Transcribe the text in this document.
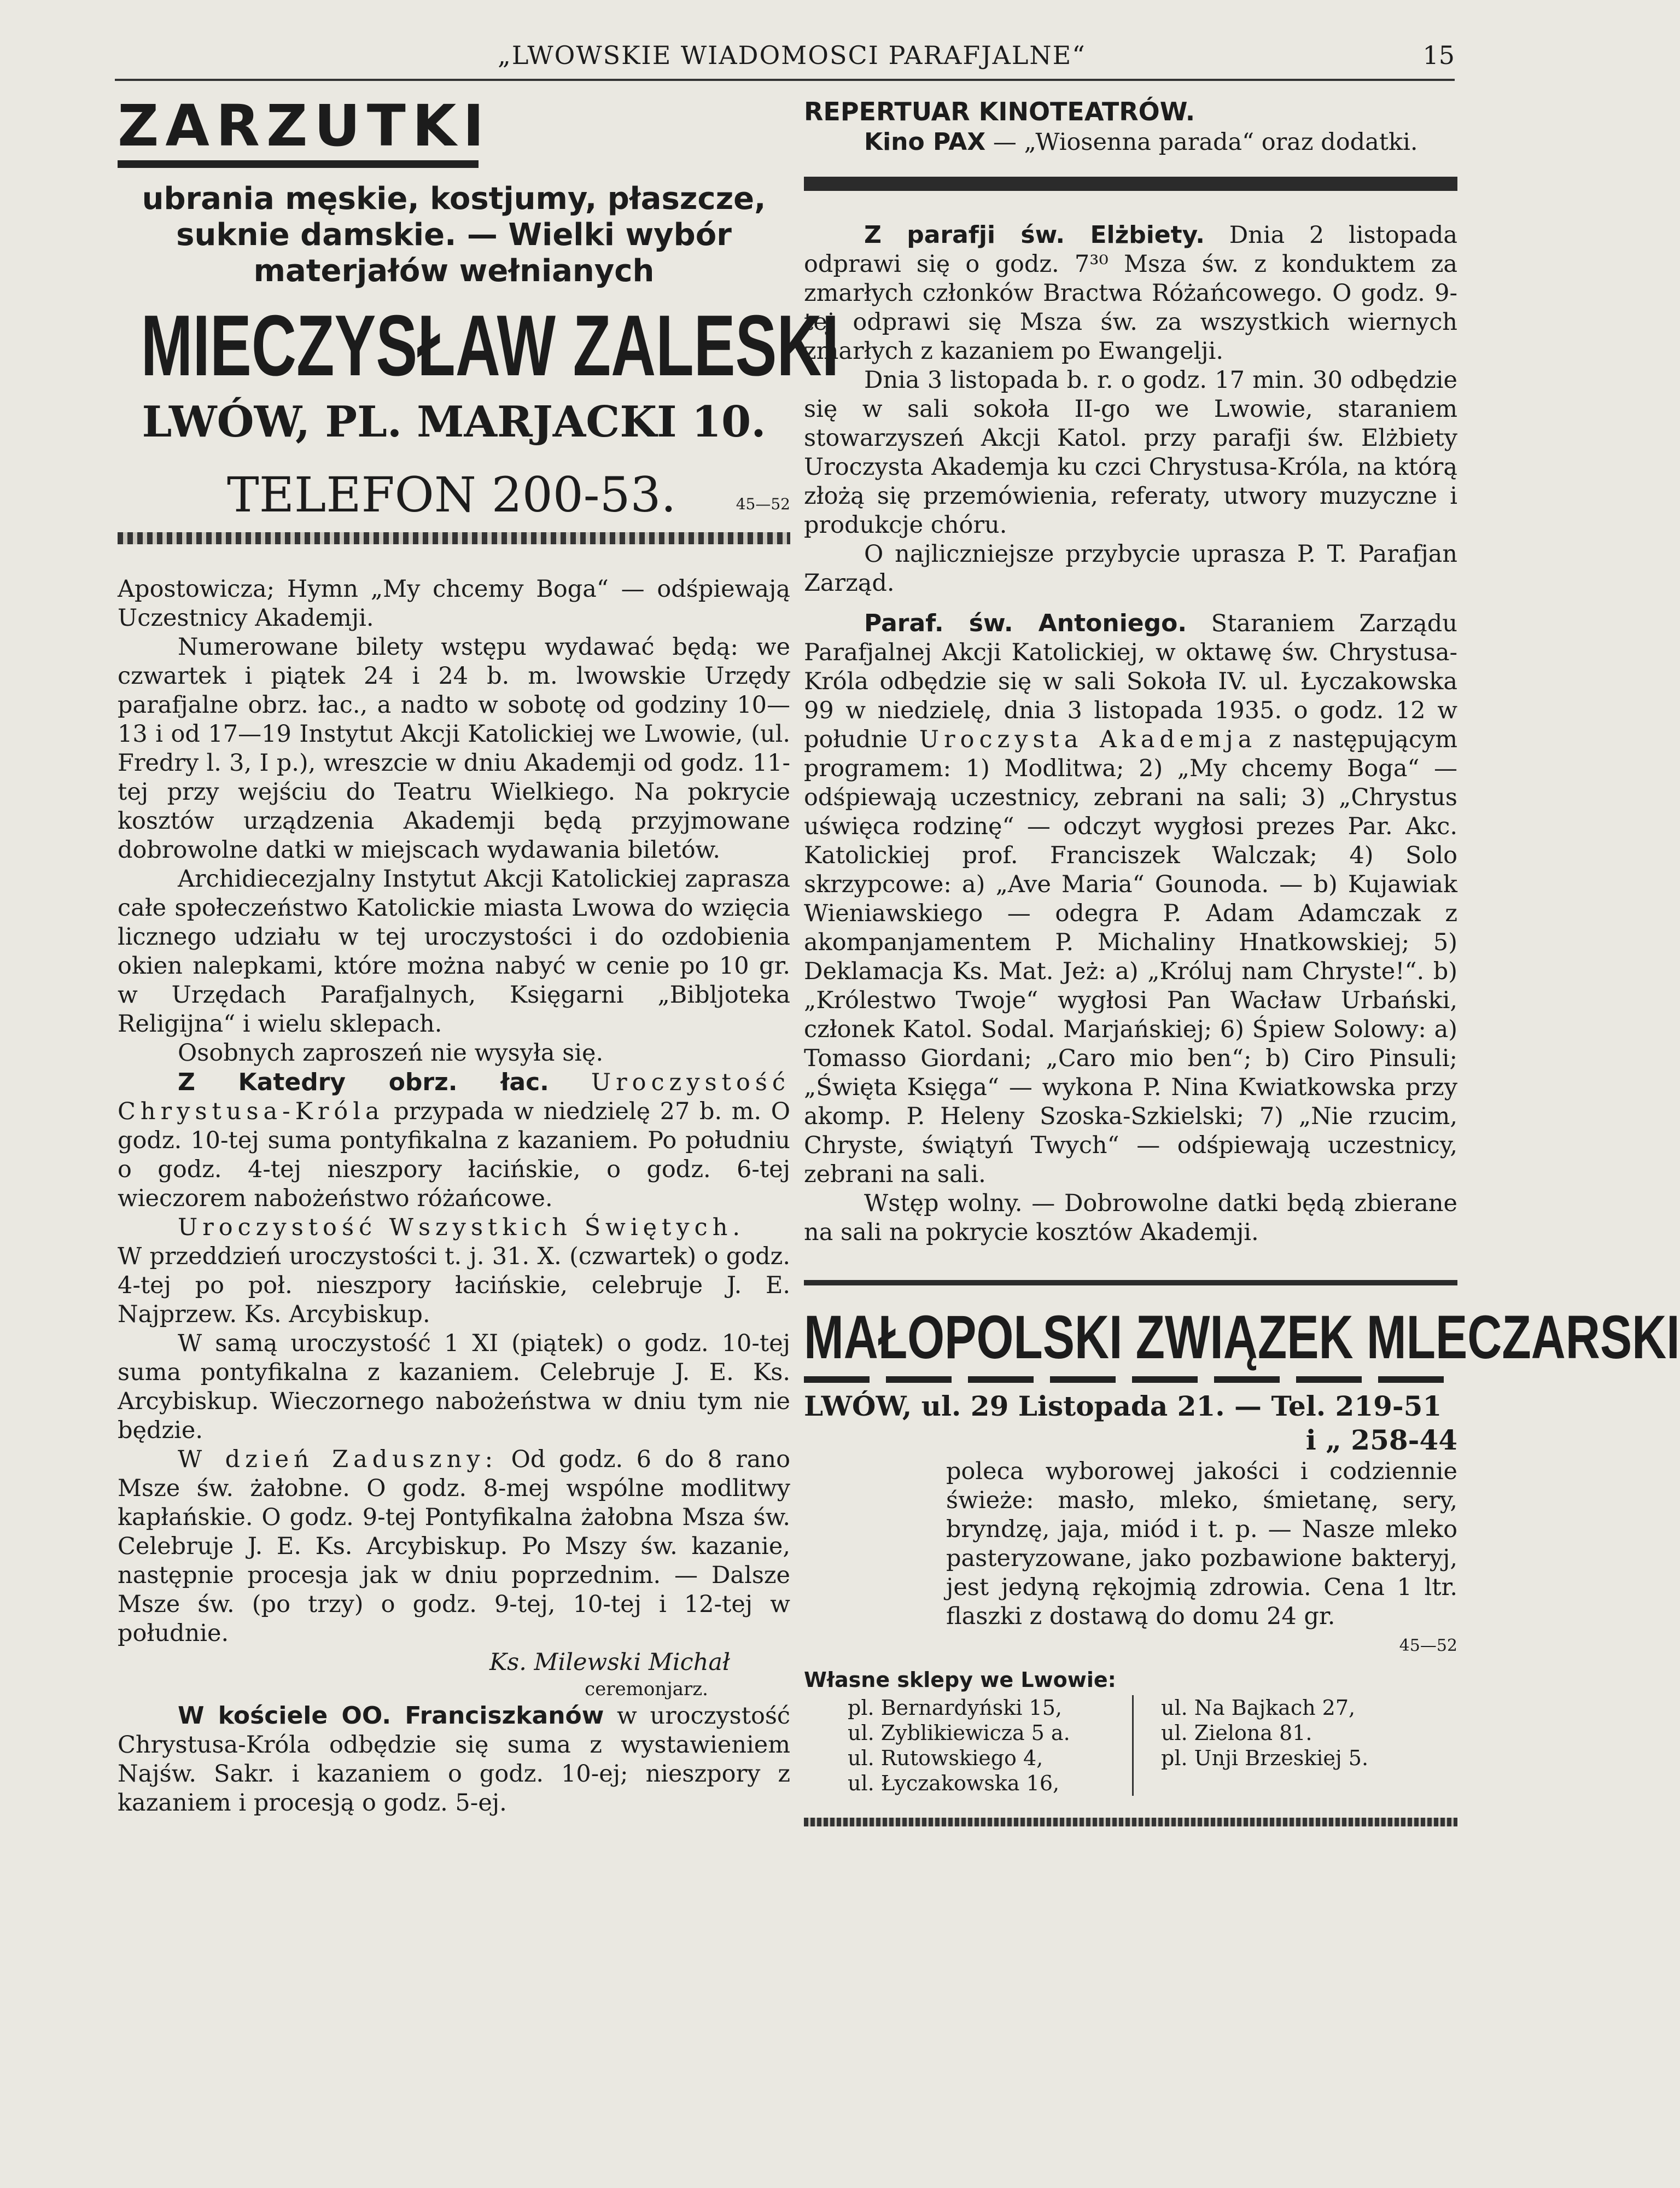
„LWOWSKIE WIADOMOSCI PARAFJALNE“	15
ZARZUTKI
ubrania męskie, kostjumy, płaszcze, suknie damskie. — Wielki wybór materjałów wełnianych
MIECZYSŁAW ZALESKI
LWÓW, PL. MARJACKI 10.
TELEFON 200-53.	45—52

Apostowicza; Hymn „My chcemy Boga“ — odśpiewają Uczestnicy Akademji.

Numerowane bilety wstępu wydawać będą: we czwartek i piątek 24 i 24 b. m. lwowskie Urzędy parafjalne obrz. łac., a nadto w sobotę od godziny 10—13 i od 17—19 Instytut Akcji Katolickiej we Lwowie, (ul. Fredry l. 3, I p.), wreszcie w dniu Akademji od godz. 11-tej przy wejściu do Teatru Wielkiego. Na pokrycie kosztów urządzenia Akademji będą przyjmowane dobrowolne datki w miejscach wydawania biletów.

Archidiecezjalny Instytut Akcji Katolickiej zaprasza całe społeczeństwo Katolickie miasta Lwowa do wzięcia licznego udziału w tej uroczystości i do ozdobienia okien nalepkami, które można nabyć w cenie po 10 gr. w Urzędach Parafjalnych, Księgarni „Bibljoteka Religijna“ i wielu sklepach.

Osobnych zaproszeń nie wysyła się.

Z Katedry obrz. łac. Uroczystość Chrystusa-Króla przypada w niedzielę 27 b. m. O godz. 10-tej suma pontyfikalna z kazaniem. Po południu o godz. 4-tej nieszpory łacińskie, o godz. 6-tej wieczorem nabożeństwo różańcowe.

Uroczystość Wszystkich Świętych.

W przeddzień uroczystości t. j. 31. X. (czwartek) o godz. 4-tej po poł. nieszpory łacińskie, celebruje J. E. Najprzew. Ks. Arcybiskup.

W samą uroczystość 1 XI (piątek) o godz. 10-tej suma pontyfikalna z kazaniem. Celebruje J. E. Ks. Arcybiskup. Wieczornego nabożeństwa w dniu tym nie będzie.

W dzień Zaduszny: Od godz. 6 do 8 rano Msze św. żałobne. O godz. 8-mej wspólne modlitwy kapłańskie. O godz. 9-tej Pontyfikalna żałobna Msza św. Celebruje J. E. Ks. Arcybiskup. Po Mszy św. kazanie, następnie procesja jak w dniu poprzednim. — Dalsze Msze św. (po trzy) o godz. 9-tej, 10-tej i 12-tej w południe.

Ks. Milewski Michał

ceremonjarz.

W kościele OO. Franciszkanów w uroczystość Chrystusa-Króla odbędzie się suma z wystawieniem Najśw. Sakr. i kazaniem o godz. 10-ej; nieszpory z kazaniem i procesją o godz. 5-ej.

REPERTUAR KINOTEATRÓW.

Kino PAX — „Wiosenna parada“ oraz dodatki.

Z parafji św. Elżbiety. Dnia 2 listopada odprawi się o godz. 7³⁰ Msza św. z konduktem za zmarłych członków Bractwa Różańcowego. O godz. 9-tej odprawi się Msza św. za wszystkich wiernych zmarłych z kazaniem po Ewangelji.

Dnia 3 listopada b. r. o godz. 17 min. 30 odbędzie się w sali sokoła II-go we Lwowie, staraniem stowarzyszeń Akcji Katol. przy parafji św. Elżbiety Uroczysta Akademja ku czci Chrystusa-Króla, na którą złożą się przemówienia, referaty, utwory muzyczne i produkcje chóru.

O najliczniejsze przybycie uprasza P. T. Parafjan Zarząd.

Paraf. św. Antoniego. Staraniem Zarządu Parafjalnej Akcji Katolickiej, w oktawę św. Chrystusa-Króla odbędzie się w sali Sokoła IV. ul. Łyczakowska 99 w niedzielę, dnia 3 listopada 1935. o godz. 12 w południe Uroczysta Akademja z następującym programem: 1) Modlitwa; 2) „My chcemy Boga“ — odśpiewają uczestnicy, zebrani na sali; 3) „Chrystus uświęca rodzinę“ — odczyt wygłosi prezes Par. Akc. Katolickiej prof. Franciszek Walczak; 4) Solo skrzypcowe: a) „Ave Maria“ Gounoda. — b) Kujawiak Wieniawskiego — odegra P. Adam Adamczak z akompanjamentem P. Michaliny Hnatkowskiej; 5) Deklamacja Ks. Mat. Jeż: a) „Króluj nam Chryste!“. b) „Królestwo Twoje“ wygłosi Pan Wacław Urbański, członek Katol. Sodal. Marjańskiej; 6) Śpiew Solowy: a) Tomasso Giordani; „Caro mio ben“; b) Ciro Pinsuli; „Święta Księga“ — wykona P. Nina Kwiatkowska przy akomp. P. Heleny Szoska-Szkielski; 7) „Nie rzucim, Chryste, świątyń Twych“ — odśpiewają uczestnicy, zebrani na sali.

Wstęp wolny. — Dobrowolne datki będą zbierane na sali na pokrycie kosztów Akademji.

MAŁOPOLSKI ZWIĄZEK MLECZARSKI
LWÓW, ul. 29 Listopada 21. — Tel. 219-51
i „ 258-44

poleca wyborowej jakości i codziennie świeże: masło, mleko, śmietanę, sery, bryndzę, jaja, miód i t. p. — Nasze mleko pasteryzowane, jako pozbawione bakteryj, jest jedyną rękojmią zdrowia. Cena 1 ltr. flaszki z dostawą do domu 24 gr.

45—52

Własne sklepy we Lwowie:
pl. Bernardyński 15,
ul. Zyblikiewicza 5 a.
ul. Rutowskiego 4,
ul. Łyczakowska 16,
ul. Na Bajkach 27,
ul. Zielona 81.
pl. Unji Brzeskiej 5.
